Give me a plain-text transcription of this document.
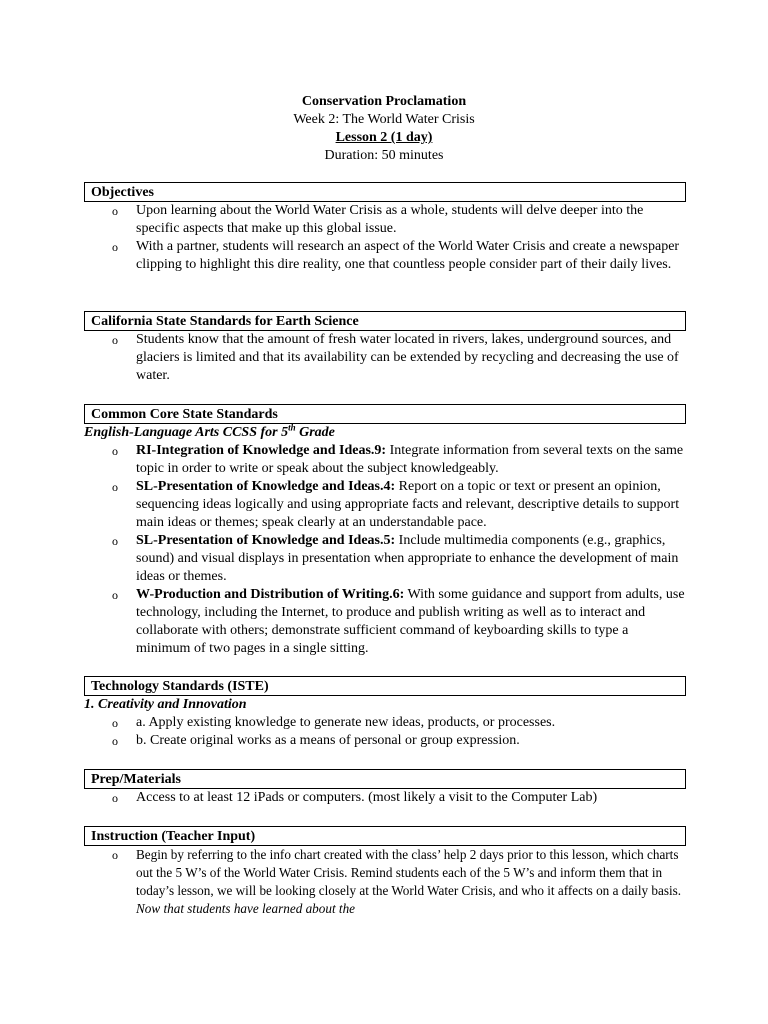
Conservation Proclamation
Week 2: The World Water Crisis
Lesson 2 (1 day)
Duration: 50 minutes
Objectives
o Upon learning about the World Water Crisis as a whole, students will delve deeper into the specific aspects that make up this global issue.
o With a partner, students will research an aspect of the World Water Crisis and create a newspaper clipping to highlight this dire reality, one that countless people consider part of their daily lives.
California State Standards for Earth Science
o Students know that the amount of fresh water located in rivers, lakes, underground sources, and glaciers is limited and that its availability can be extended by recycling and decreasing the use of water.
Common Core State Standards
English-Language Arts CCSS for 5th Grade
o RI-Integration of Knowledge and Ideas.9: Integrate information from several texts on the same topic in order to write or speak about the subject knowledgeably.
o SL-Presentation of Knowledge and Ideas.4: Report on a topic or text or present an opinion, sequencing ideas logically and using appropriate facts and relevant, descriptive details to support main ideas or themes; speak clearly at an understandable pace.
o SL-Presentation of Knowledge and Ideas.5: Include multimedia components (e.g., graphics, sound) and visual displays in presentation when appropriate to enhance the development of main ideas or themes.
o W-Production and Distribution of Writing.6: With some guidance and support from adults, use technology, including the Internet, to produce and publish writing as well as to interact and collaborate with others; demonstrate sufficient command of keyboarding skills to type a minimum of two pages in a single sitting.
Technology Standards (ISTE)
1. Creativity and Innovation
o a. Apply existing knowledge to generate new ideas, products, or processes.
o b. Create original works as a means of personal or group expression.
Prep/Materials
o Access to at least 12 iPads or computers. (most likely a visit to the Computer Lab)
Instruction (Teacher Input)
o Begin by referring to the info chart created with the class’ help 2 days prior to this lesson, which charts out the 5 W’s of the World Water Crisis. Remind students each of the 5 W’s and inform them that in today’s lesson, we will be looking closely at the World Water Crisis, and who it affects on a daily basis. Now that students have learned about the
